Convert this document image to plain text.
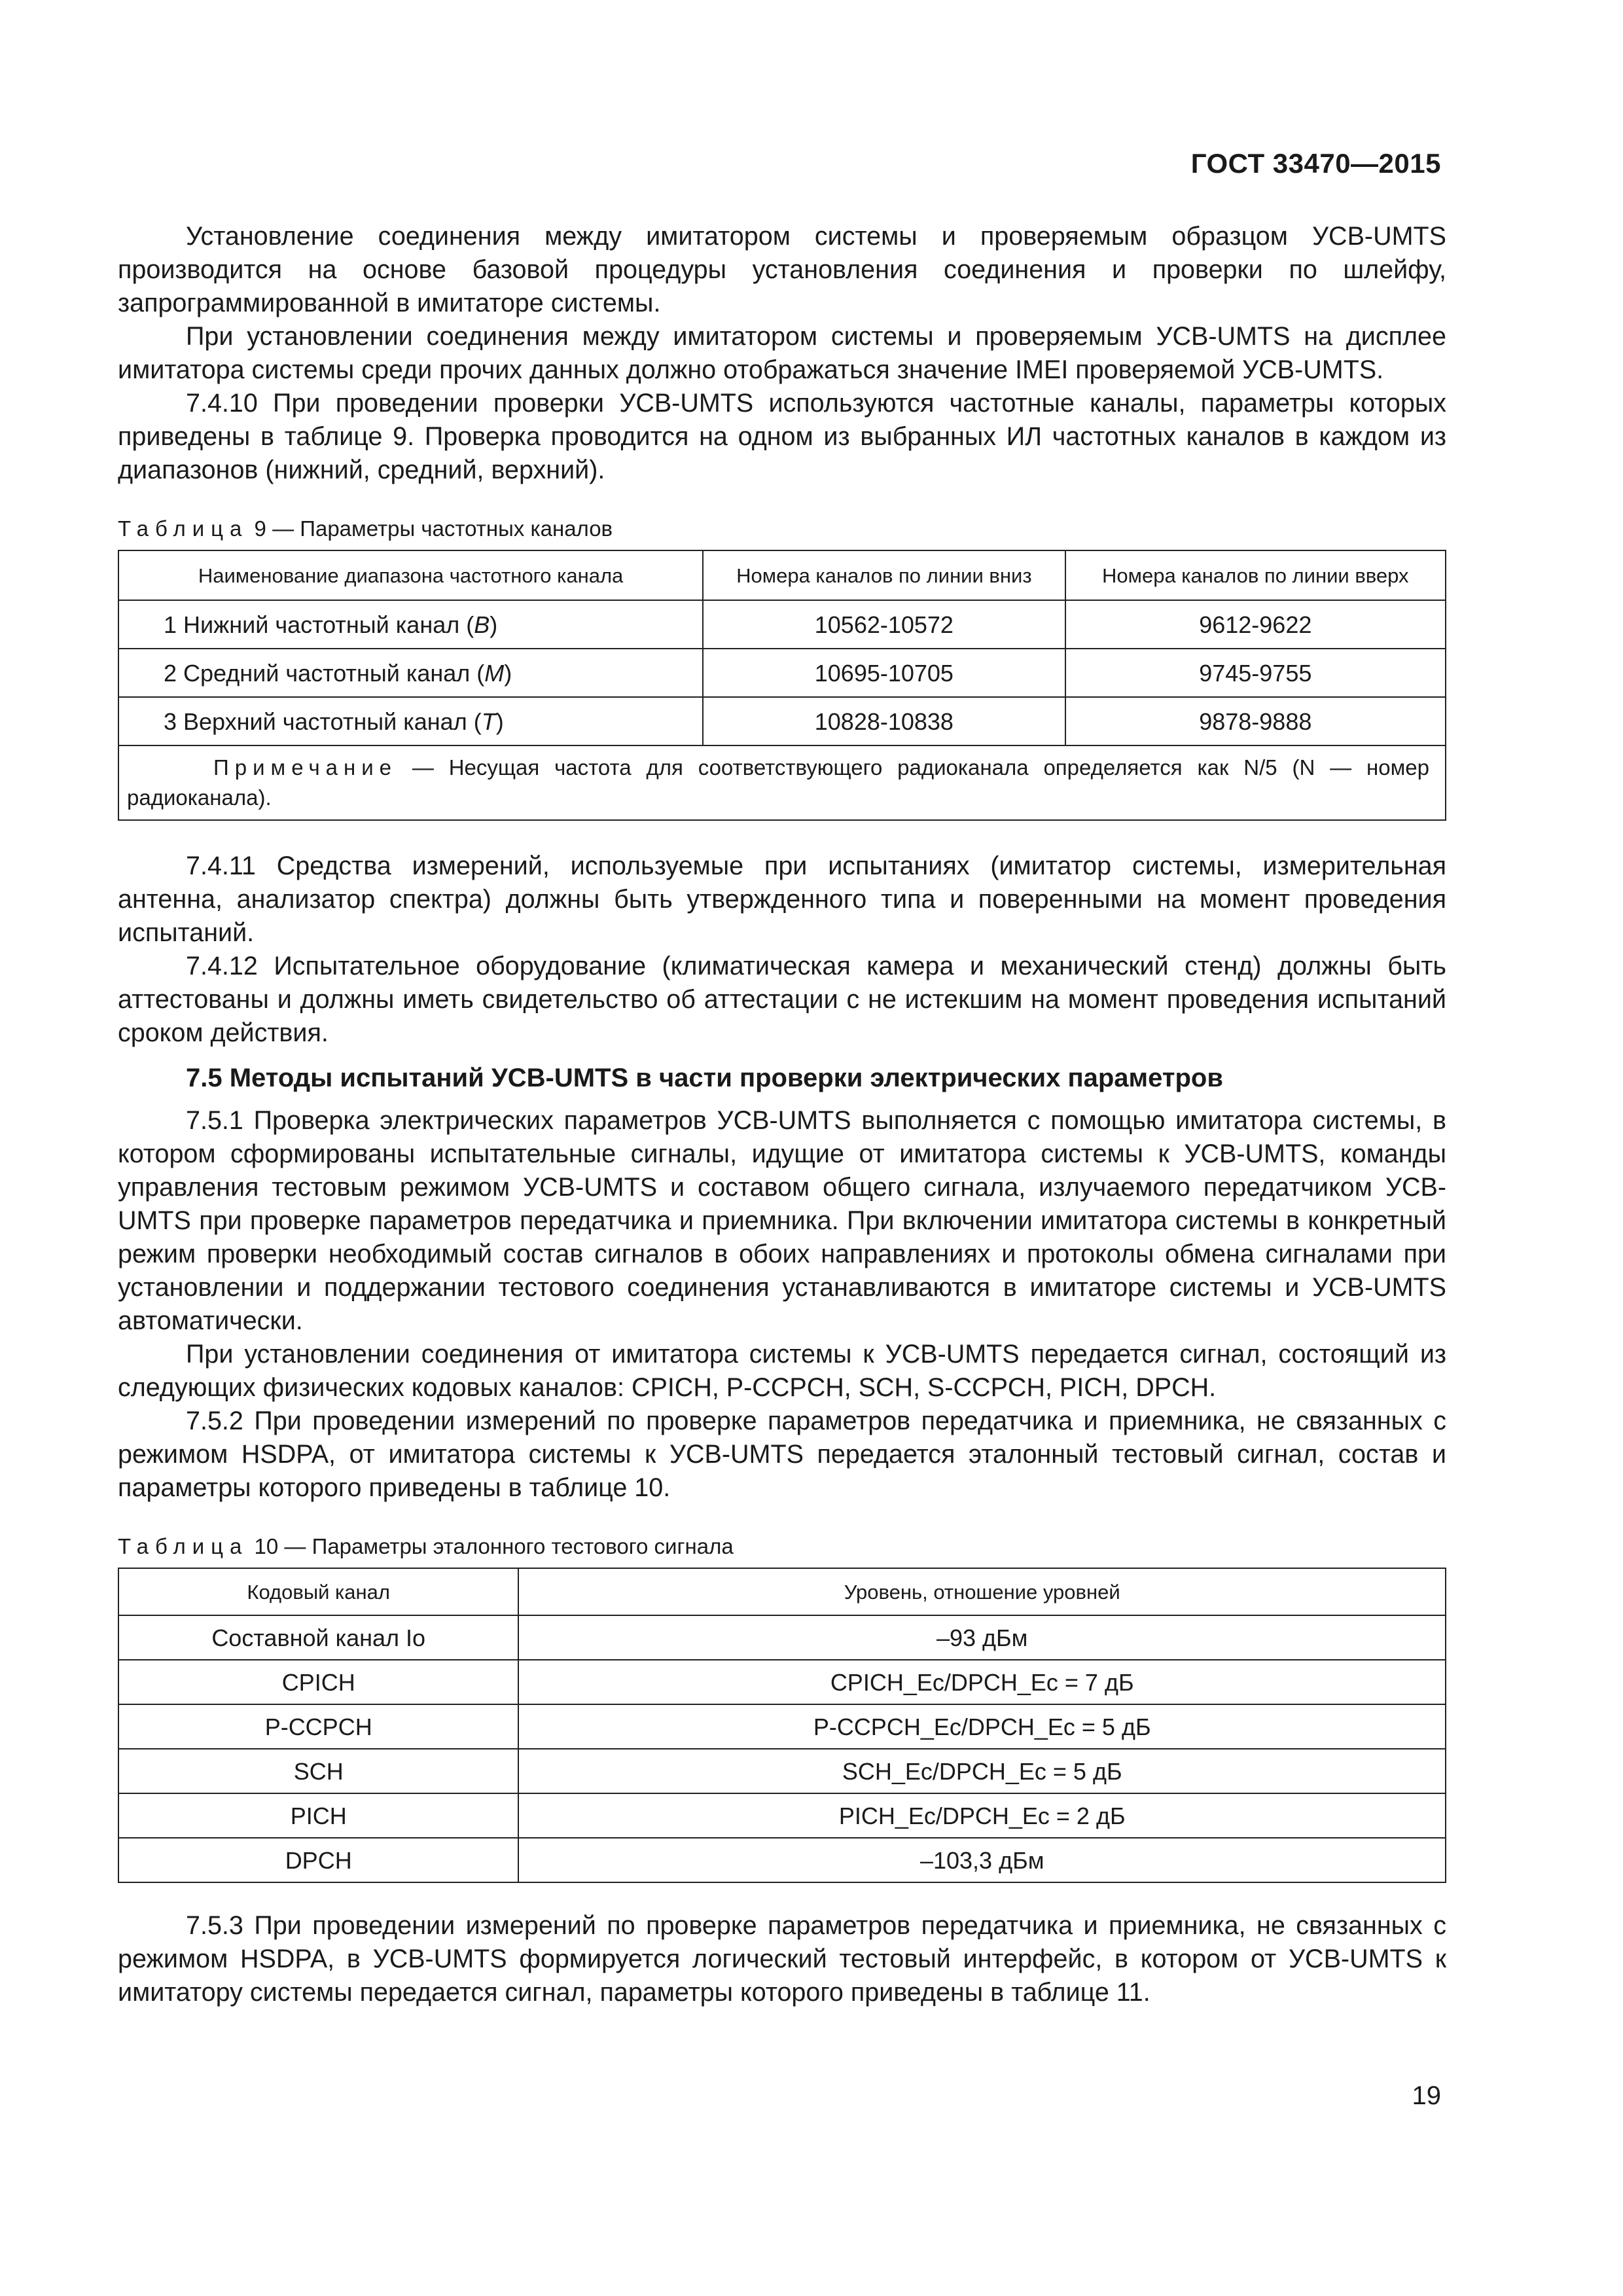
ГОСТ 33470—2015

Установление соединения между имитатором системы и проверяемым образцом УСВ-UMTS производится на основе базовой процедуры установления соединения и проверки по шлейфу, запрограммированной в имитаторе системы.

При установлении соединения между имитатором системы и проверяемым УСВ-UMTS на дисплее имитатора системы среди прочих данных должно отображаться значение IMEI проверяемой УСВ-UMTS.

7.4.10 При проведении проверки УСВ-UMTS используются частотные каналы, параметры которых приведены в таблице 9. Проверка проводится на одном из выбранных ИЛ частотных каналов в каждом из диапазонов (нижний, средний, верхний).

Таблица 9 — Параметры частотных каналов
Наименование диапазона частотного канала	Номера каналов по линии вниз	Номера каналов по линии вверх
1 Нижний частотный канал (B)	10562-10572	9612-9622
2 Средний частотный канал (M)	10695-10705	9745-9755
3 Верхний частотный канал (T)	10828-10838	9878-9888
Примечание — Несущая частота для соответствующего радиоканала определяется как N/5 (N — номер радиоканала).		

7.4.11 Средства измерений, используемые при испытаниях (имитатор системы, измерительная антенна, анализатор спектра) должны быть утвержденного типа и поверенными на момент проведения испытаний.

7.4.12 Испытательное оборудование (климатическая камера и механический стенд) должны быть аттестованы и должны иметь свидетельство об аттестации с не истекшим на момент проведения испытаний сроком действия.

7.5 Методы испытаний УСВ-UMTS в части проверки электрических параметров

7.5.1 Проверка электрических параметров УСВ-UMTS выполняется с помощью имитатора системы, в котором сформированы испытательные сигналы, идущие от имитатора системы к УСВ-UMTS, команды управления тестовым режимом УСВ-UMTS и составом общего сигнала, излучаемого передатчиком УСВ-UMTS при проверке параметров передатчика и приемника. При включении имитатора системы в конкретный режим проверки необходимый состав сигналов в обоих направлениях и протоколы обмена сигналами при установлении и поддержании тестового соединения устанавливаются в имитаторе системы и УСВ-UMTS автоматически.

При установлении соединения от имитатора системы к УСВ-UMTS передается сигнал, состоящий из следующих физических кодовых каналов: CPICH, P-CCPCH, SCH, S-CCPCH, PICH, DPCH.

7.5.2 При проведении измерений по проверке параметров передатчика и приемника, не связанных с режимом HSDPA, от имитатора системы к УСВ-UMTS передается эталонный тестовый сигнал, состав и параметры которого приведены в таблице 10.

Таблица 10 — Параметры эталонного тестового сигнала
Кодовый канал	Уровень, отношение уровней
Составной канал Io	–93 дБм
CPICH	CPICH_Ec/DPCH_Ec = 7 дБ
P-CCPCH	P-CCPCH_Ec/DPCH_Ec = 5 дБ
SCH	SCH_Ec/DPCH_Ec = 5 дБ
PICH	PICH_Ec/DPCH_Ec = 2 дБ
DPCH	–103,3 дБм

7.5.3 При проведении измерений по проверке параметров передатчика и приемника, не связанных с режимом HSDPA, в УСВ-UMTS формируется логический тестовый интерфейс, в котором от УСВ-UMTS к имитатору системы передается сигнал, параметры которого приведены в таблице 11.

19
